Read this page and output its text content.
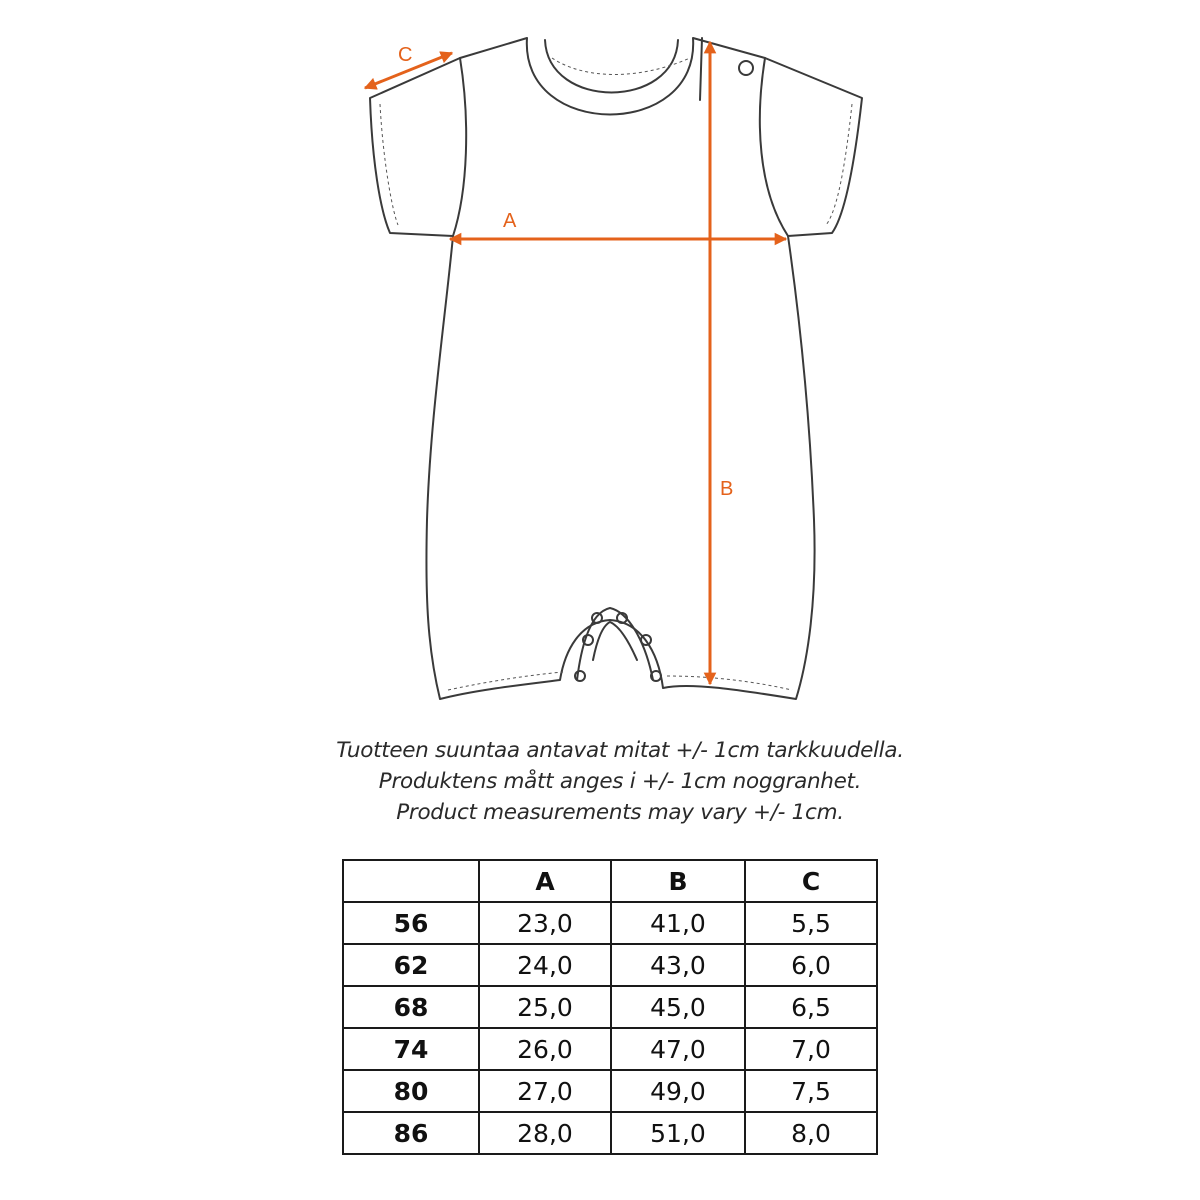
C
A
B
Tuotteen suuntaa antavat mitat +/- 1cm tarkkuudella.
Produktens mått anges i +/- 1cm noggranhet.
Product measurements may vary +/- 1cm.
	A	B	C
56	23,0	41,0	5,5
62	24,0	43,0	6,0
68	25,0	45,0	6,5
74	26,0	47,0	7,0
80	27,0	49,0	7,5
86	28,0	51,0	8,0
